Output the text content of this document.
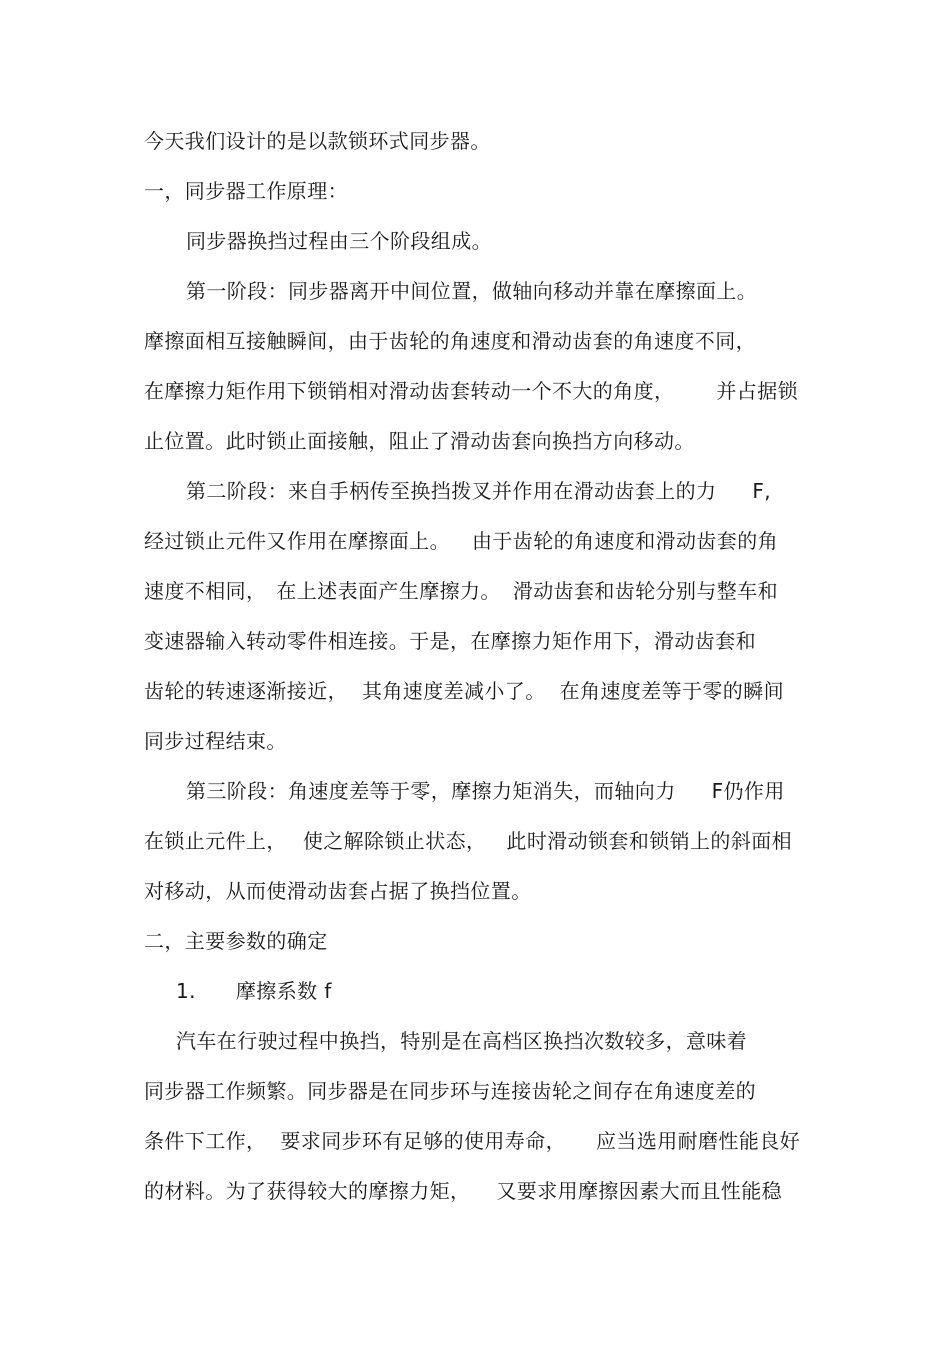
今天我们设计的是以款锁环式同步器。
一，同步器工作原理：
同步器换挡过程由三个阶段组成。
第一阶段：同步器离开中间位置，做轴向移动并靠在摩擦面上。
摩擦面相互接触瞬间，由于齿轮的角速度和滑动齿套的角速度不同，
在摩擦力矩作用下锁销相对滑动齿套转动一个不大的角度， 并占据锁
止位置。此时锁止面接触，阻止了滑动齿套向换挡方向移动。
第二阶段：来自手柄传至换挡拨叉并作用在滑动齿套上的力 F,
经过锁止元件又作用在摩擦面上。 由于齿轮的角速度和滑动齿套的角
速度不相同， 在上述表面产生摩擦力。 滑动齿套和齿轮分别与整车和
变速器输入转动零件相连接。于是，在摩擦力矩作用下，滑动齿套和
齿轮的转速逐渐接近， 其角速度差减小了。 在角速度差等于零的瞬间
同步过程结束。
第三阶段：角速度差等于零，摩擦力矩消失，而轴向力 F仍作用
在锁止元件上， 使之解除锁止状态， 此时滑动锁套和锁销上的斜面相
对移动，从而使滑动齿套占据了换挡位置。
二，主要参数的确定
1. 摩擦系数 f
汽车在行驶过程中换挡，特别是在高档区换挡次数较多，意味着
同步器工作频繁。同步器是在同步环与连接齿轮之间存在角速度差的
条件下工作， 要求同步环有足够的使用寿命， 应当选用耐磨性能良好
的材料。为了获得较大的摩擦力矩， 又要求用摩擦因素大而且性能稳
